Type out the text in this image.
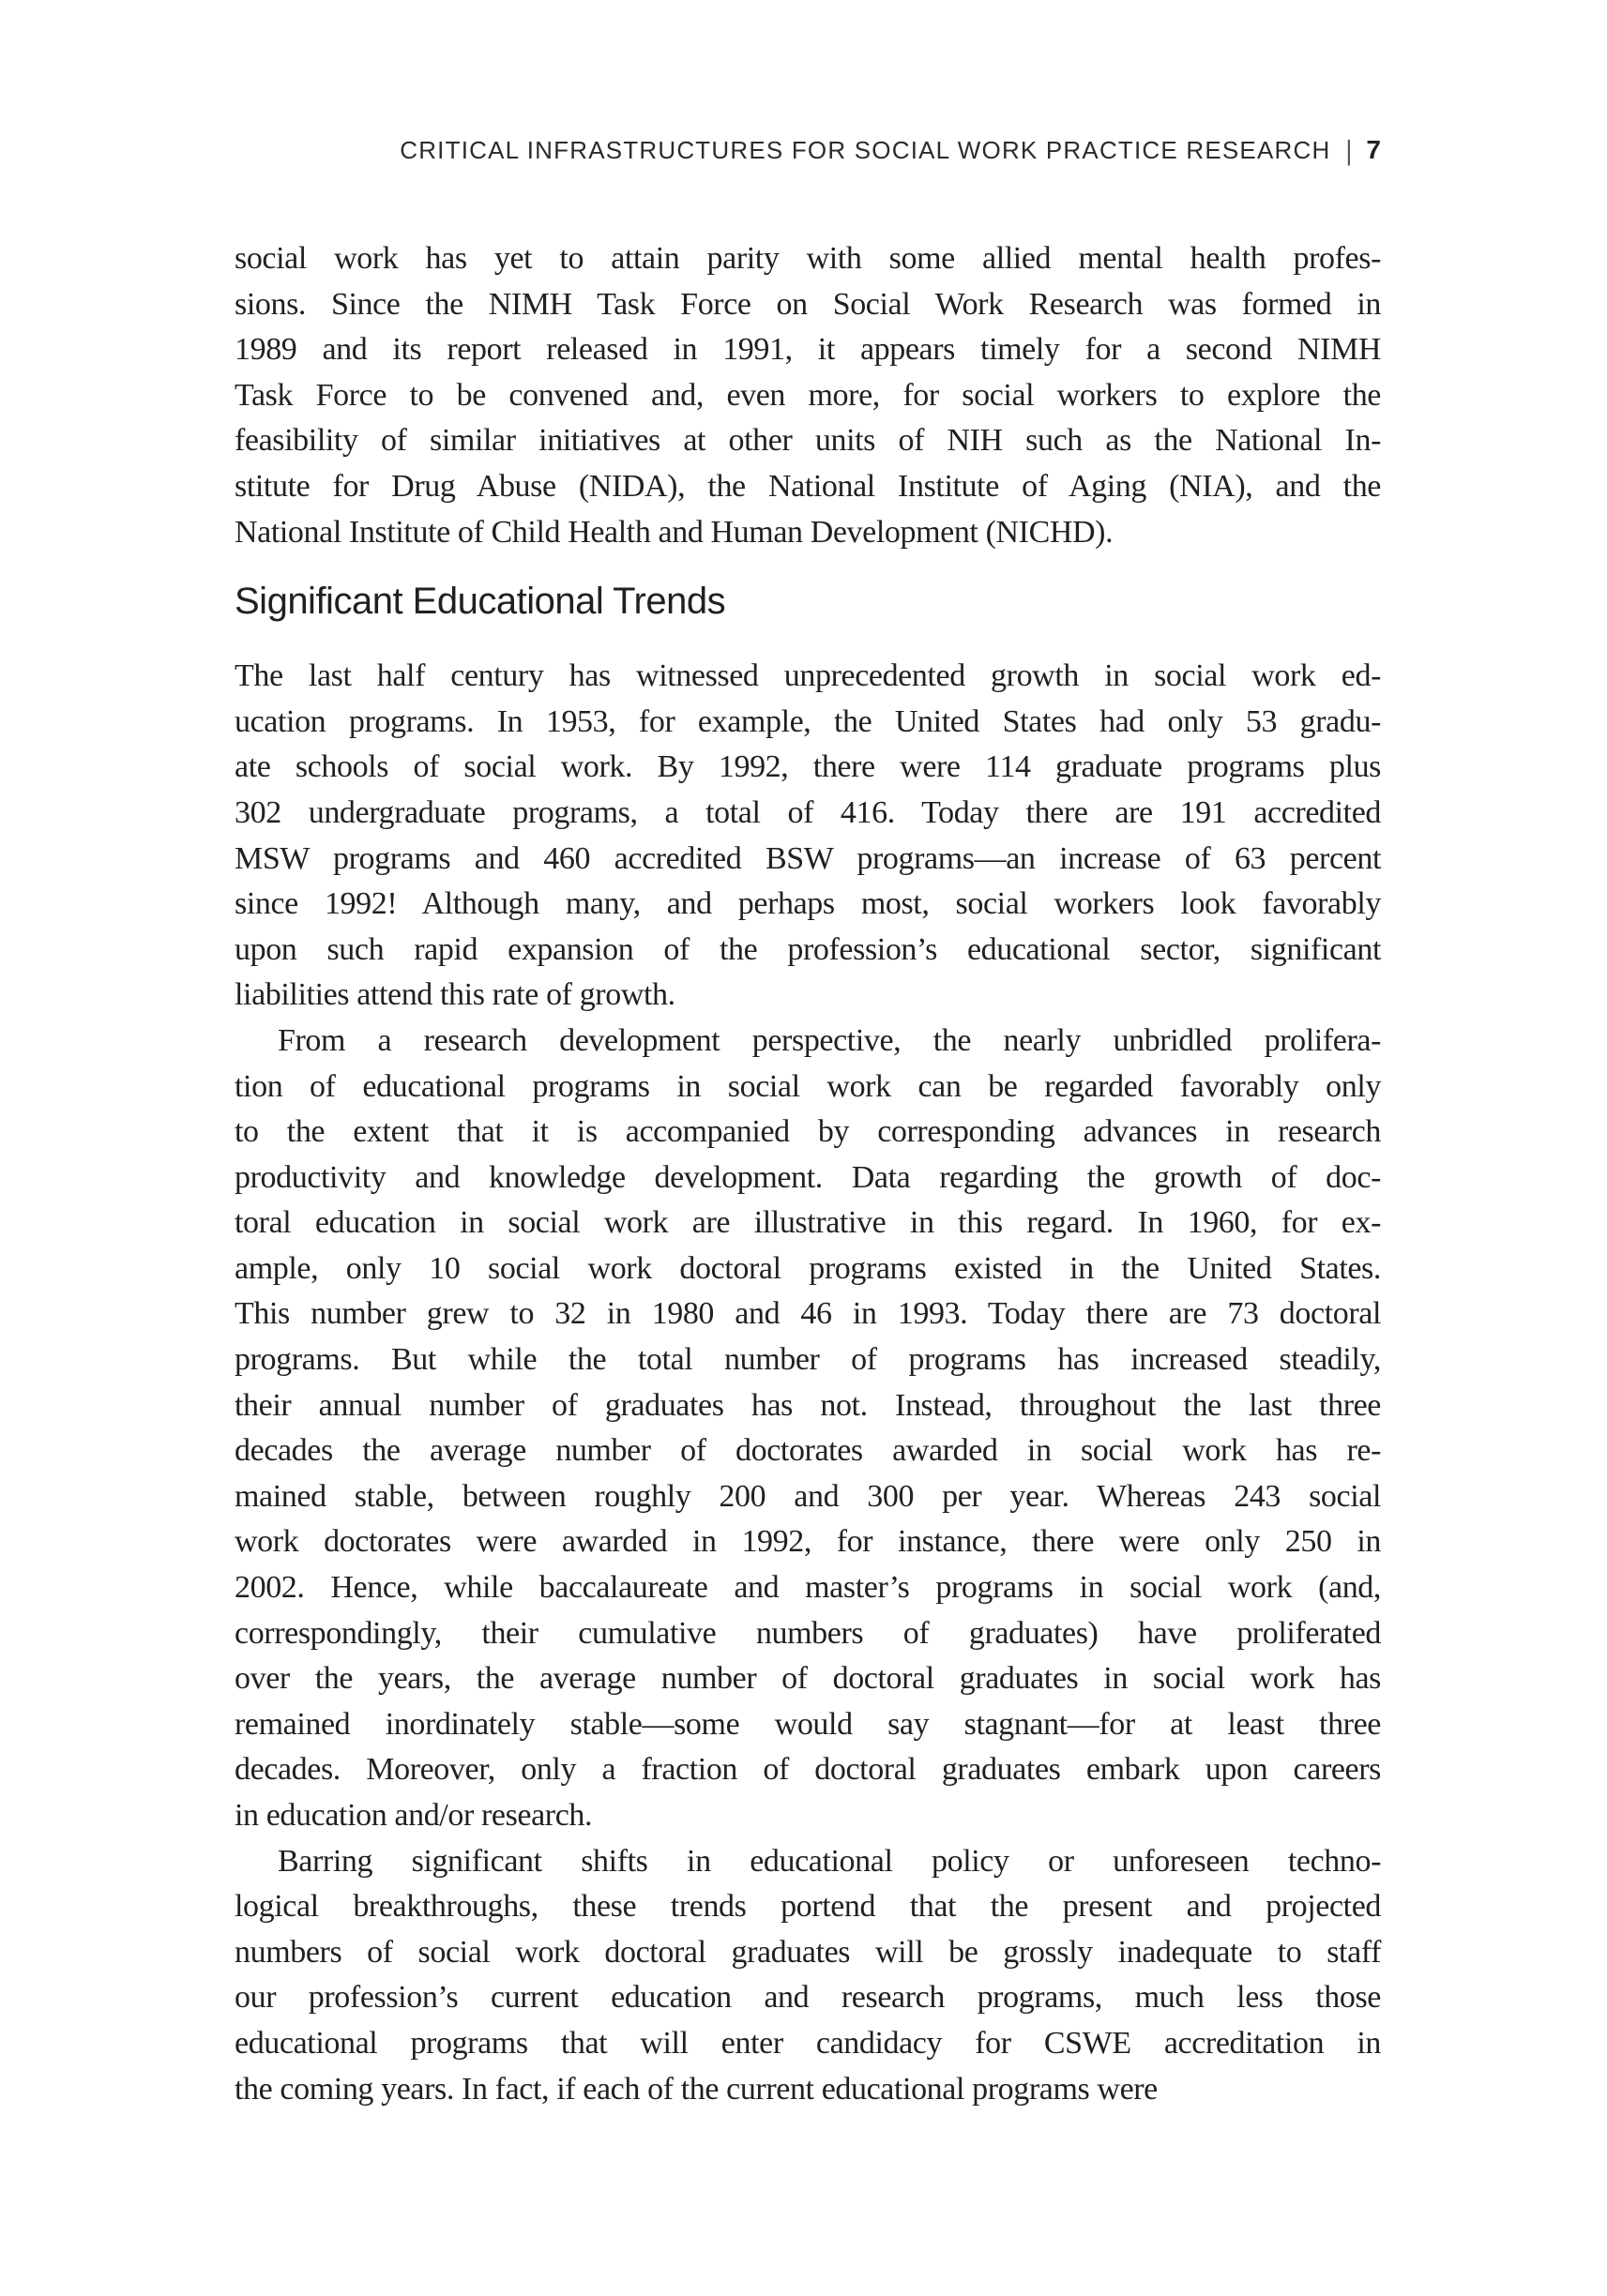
CRITICAL INFRASTRUCTURES FOR SOCIAL WORK PRACTICE RESEARCH | 7
social work has yet to attain parity with some allied mental health profes-
sions. Since the NIMH Task Force on Social Work Research was formed in
1989 and its report released in 1991, it appears timely for a second NIMH
Task Force to be convened and, even more, for social workers to explore the
feasibility of similar initiatives at other units of NIH such as the National In-
stitute for Drug Abuse (NIDA), the National Institute of Aging (NIA), and the
National Institute of Child Health and Human Development (NICHD).
Significant Educational Trends
The last half century has witnessed unprecedented growth in social work ed-
ucation programs. In 1953, for example, the United States had only 53 gradu-
ate schools of social work. By 1992, there were 114 graduate programs plus
302 undergraduate programs, a total of 416. Today there are 191 accredited
MSW programs and 460 accredited BSW programs—an increase of 63 percent
since 1992! Although many, and perhaps most, social workers look favorably
upon such rapid expansion of the profession’s educational sector, significant
liabilities attend this rate of growth.
From a research development perspective, the nearly unbridled prolifera-
tion of educational programs in social work can be regarded favorably only
to the extent that it is accompanied by corresponding advances in research
productivity and knowledge development. Data regarding the growth of doc-
toral education in social work are illustrative in this regard. In 1960, for ex-
ample, only 10 social work doctoral programs existed in the United States.
This number grew to 32 in 1980 and 46 in 1993. Today there are 73 doctoral
programs. But while the total number of programs has increased steadily,
their annual number of graduates has not. Instead, throughout the last three
decades the average number of doctorates awarded in social work has re-
mained stable, between roughly 200 and 300 per year. Whereas 243 social
work doctorates were awarded in 1992, for instance, there were only 250 in
2002. Hence, while baccalaureate and master’s programs in social work (and,
correspondingly, their cumulative numbers of graduates) have proliferated
over the years, the average number of doctoral graduates in social work has
remained inordinately stable—some would say stagnant—for at least three
decades. Moreover, only a fraction of doctoral graduates embark upon careers
in education and/or research.
Barring significant shifts in educational policy or unforeseen techno-
logical breakthroughs, these trends portend that the present and projected
numbers of social work doctoral graduates will be grossly inadequate to staff
our profession’s current education and research programs, much less those
educational programs that will enter candidacy for CSWE accreditation in
the coming years. In fact, if each of the current educational programs were
